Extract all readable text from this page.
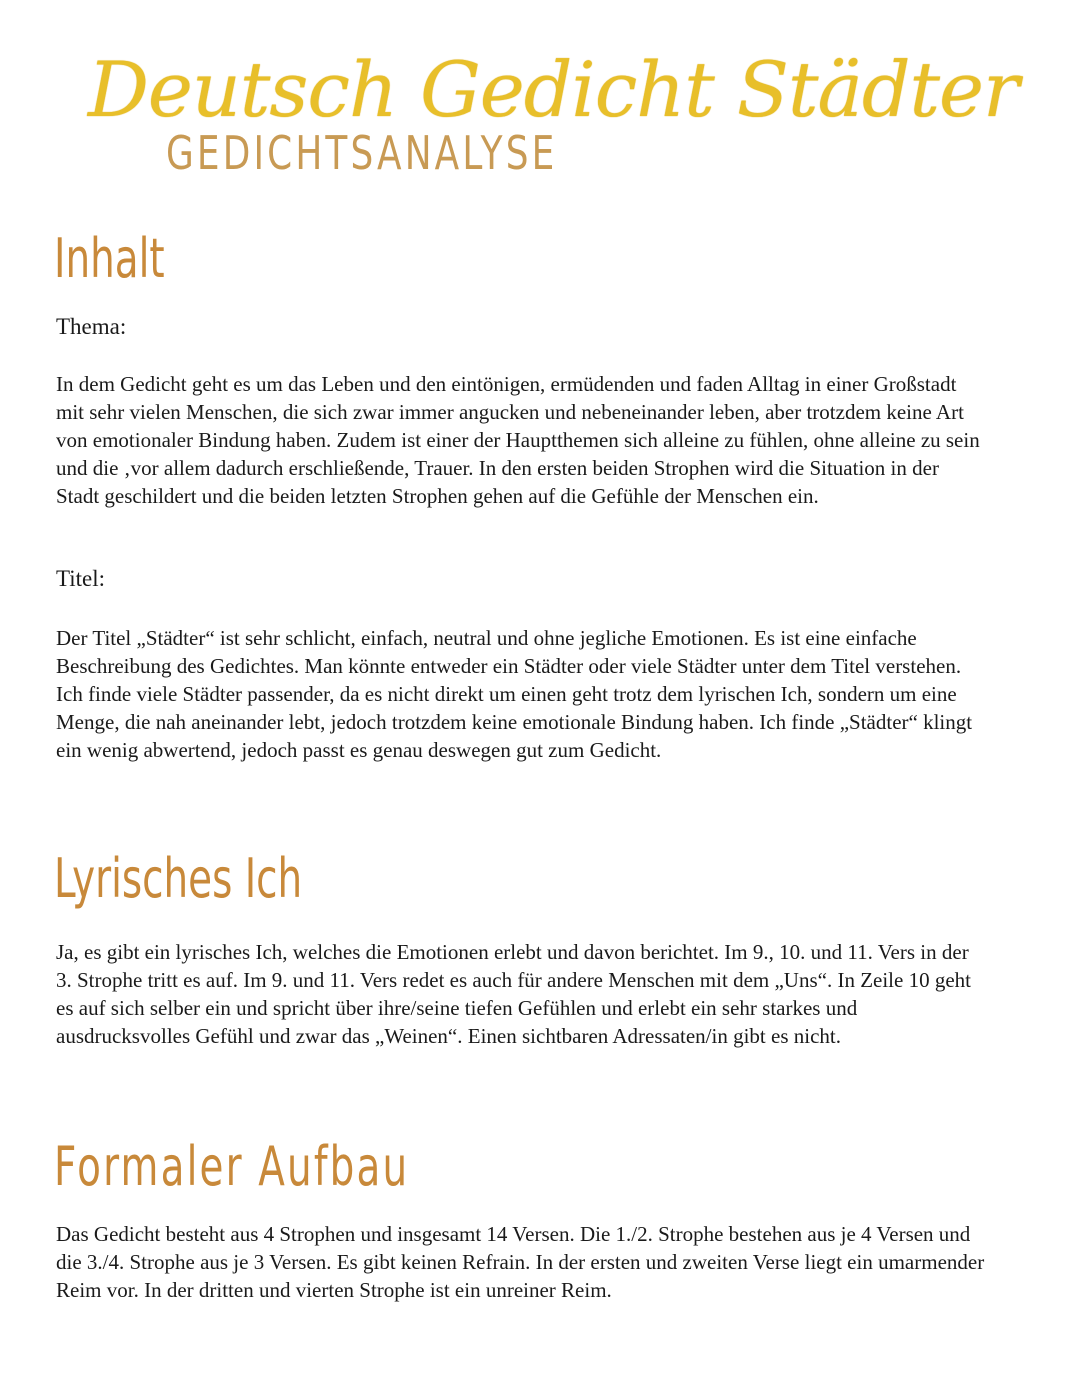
Deutsch Gedicht Städter
GEDICHTSANALYSE
Inhalt

Thema:

In dem Gedicht geht es um das Leben und den eintönigen, ermüdenden und faden Alltag in einer Großstadt mit sehr vielen Menschen, die sich zwar immer angucken und nebeneinander leben, aber trotzdem keine Art von emotionaler Bindung haben. Zudem ist einer der Hauptthemen sich alleine zu fühlen, ohne alleine zu sein und die ‚vor allem dadurch erschließende, Trauer. In den ersten beiden Strophen wird die Situation in der Stadt geschildert und die beiden letzten Strophen gehen auf die Gefühle der Menschen ein.

Titel:

Der Titel „Städter“ ist sehr schlicht, einfach, neutral und ohne jegliche Emotionen. Es ist eine einfache Beschreibung des Gedichtes. Man könnte entweder ein Städter oder viele Städter unter dem Titel verstehen. Ich finde viele Städter passender, da es nicht direkt um einen geht trotz dem lyrischen Ich, sondern um eine Menge, die nah aneinander lebt, jedoch trotzdem keine emotionale Bindung haben. Ich finde „Städter“ klingt ein wenig abwertend, jedoch passt es genau deswegen gut zum Gedicht.

Lyrisches Ich

Ja, es gibt ein lyrisches Ich, welches die Emotionen erlebt und davon berichtet. Im 9., 10. und 11. Vers in der 3. Strophe tritt es auf. Im 9. und 11. Vers redet es auch für andere Menschen mit dem „Uns“. In Zeile 10 geht es auf sich selber ein und spricht über ihre/seine tiefen Gefühlen und erlebt ein sehr starkes und ausdrucksvolles Gefühl und zwar das „Weinen“. Einen sichtbaren Adressaten/in gibt es nicht.

Formaler Aufbau

Das Gedicht besteht aus 4 Strophen und insgesamt 14 Versen. Die 1./2. Strophe bestehen aus je 4 Versen und die 3./4. Strophe aus je 3 Versen. Es gibt keinen Refrain. In der ersten und zweiten Verse liegt ein umarmender Reim vor. In der dritten und vierten Strophe ist ein unreiner Reim.
